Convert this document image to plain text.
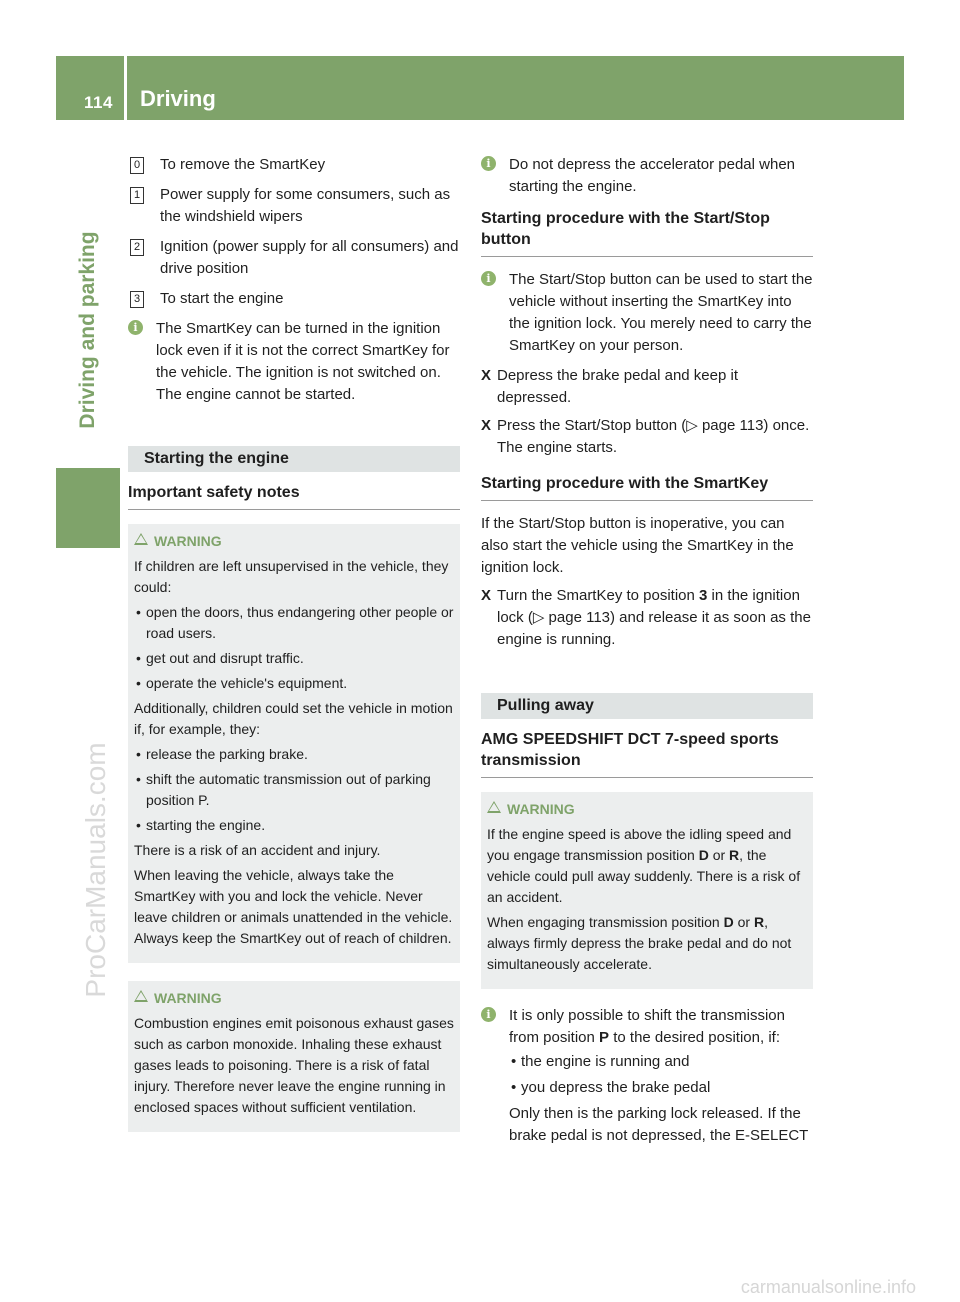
114 Driving
Driving and parking
ProCarManuals.com
carmanualsonline.info
0 To remove the SmartKey
1 Power supply for some consumers, such as the windshield wipers
2 Ignition (power supply for all consumers) and drive position
3 To start the engine
i	The SmartKey can be turned in the ignition lock even if it is not the correct SmartKey for the vehicle. The ignition is not switched on. The engine cannot be started.
Starting the engine
Important safety notes
WARNING

If children are left unsupervised in the vehicle, they could:

• open the doors, thus endangering other people or road users.
• get out and disrupt traffic.
• operate the vehicle's equipment.

Additionally, children could set the vehicle in motion if, for example, they:

• release the parking brake.
• shift the automatic transmission out of parking position P.
• starting the engine.

There is a risk of an accident and injury.

When leaving the vehicle, always take the SmartKey with you and lock the vehicle. Never leave children or animals unattended in the vehicle. Always keep the SmartKey out of reach of children.

WARNING

Combustion engines emit poisonous exhaust gases such as carbon monoxide. Inhaling these exhaust gases leads to poisoning. There is a risk of fatal injury. Therefore never leave the engine running in enclosed spaces without sufficient ventilation.

i	Do not depress the accelerator pedal when starting the engine.
Starting procedure with the Start/Stop button
i	The Start/Stop button can be used to start the vehicle without inserting the SmartKey into the ignition lock. You merely need to carry the SmartKey on your person.
X Depress the brake pedal and keep it depressed.
X Press the Start/Stop button (▷ page 113) once.
The engine starts.
Starting procedure with the SmartKey
If the Start/Stop button is inoperative, you can also start the vehicle using the SmartKey in the ignition lock.
X Turn the SmartKey to position 3 in the ignition lock (▷ page 113) and release it as soon as the engine is running.
Pulling away
AMG SPEEDSHIFT DCT 7-speed sports transmission
WARNING

If the engine speed is above the idling speed and you engage transmission position D or R, the vehicle could pull away suddenly. There is a risk of an accident.

When engaging transmission position D or R, always firmly depress the brake pedal and do not simultaneously accelerate.

i	It is only possible to shift the transmission from position P to the desired position, if:
• the engine is running and
• you depress the brake pedal
Only then is the parking lock released. If the brake pedal is not depressed, the E-SELECT
